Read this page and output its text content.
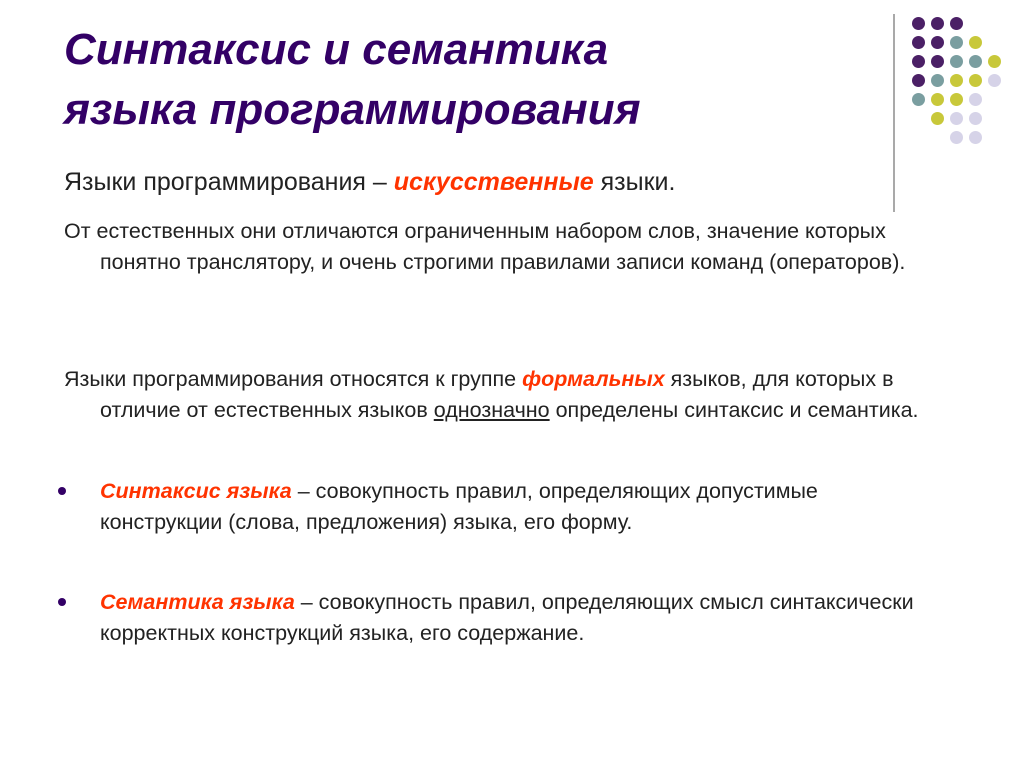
Синтаксис и семантика
языка программирования

Языки программирования – искусственные языки.

От естественных они отличаются ограниченным набором слов, значение которых понятно транслятору, и очень строгими правилами записи команд (операторов).

Языки программирования относятся к группе формальных языков, для которых в отличие от естественных языков однозначно определены синтаксис и семантика.

Синтаксис языка – совокупность правил, определяющих допустимые конструкции (слова, предложения) языка, его форму.

Семантика языка – совокупность правил, определяющих смысл синтаксически корректных конструкций языка, его содержание.
